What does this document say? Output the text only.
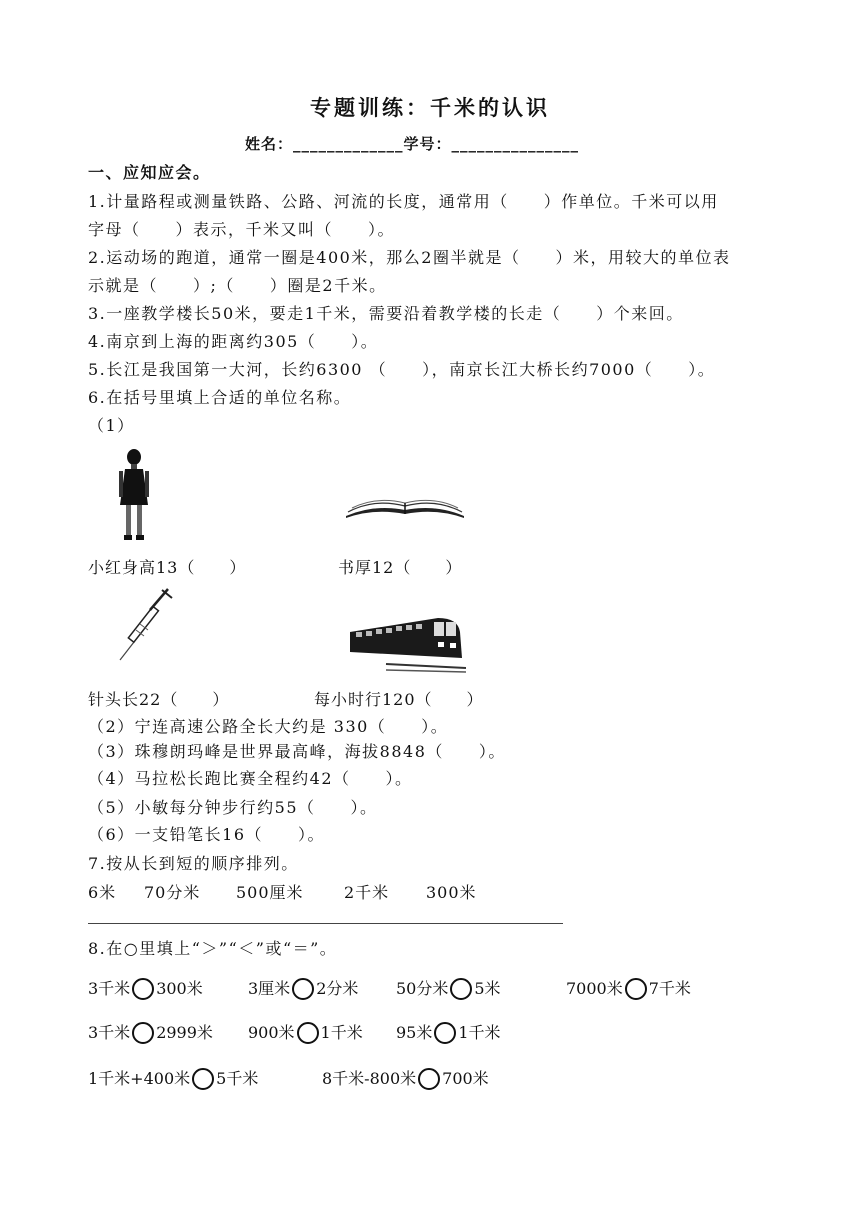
专题训练：千米的认识
姓名：_____________学号：_______________
一、应知应会。
1.计量路程或测量铁路、公路、河流的长度，通常用（　　）作单位。千米可以用
字母（　　）表示，千米又叫（　　）。
2.运动场的跑道，通常一圈是400米，那么2圈半就是（　　）米，用较大的单位表
示就是（　　）;（　　）圈是2千米。
3.一座教学楼长50米，要走1千米，需要沿着教学楼的长走（　　）个来回。
4.南京到上海的距离约305（　　）。
5.长江是我国第一大河，长约6300 （　　），南京长江大桥长约7000（　　）。
6.在括号里填上合适的单位名称。
（1）
小红身高13（　　）	书厚12（　　）
针头长22（　　）	每小时行120（　　）
（2）宁连高速公路全长大约是 330（　　）。
（3）珠穆朗玛峰是世界最高峰，海拔8848（　　）。
（4）马拉松长跑比赛全程约42（　　）。
（5）小敏每分钟步行约55（　　）。
（6）一支铅笔长16（　　）。
7.按从长到短的顺序排列。
6米 70分米 500厘米	2千米 300米
8.在○里填上“＞”“＜”或“＝”。
3千米 300米	3厘米 2分米 50分米 5米	7000米 7千米
3千米 2999米 900米 1千米 95米 1千米
1千米+400米 5千米	8千米-800米 700米
